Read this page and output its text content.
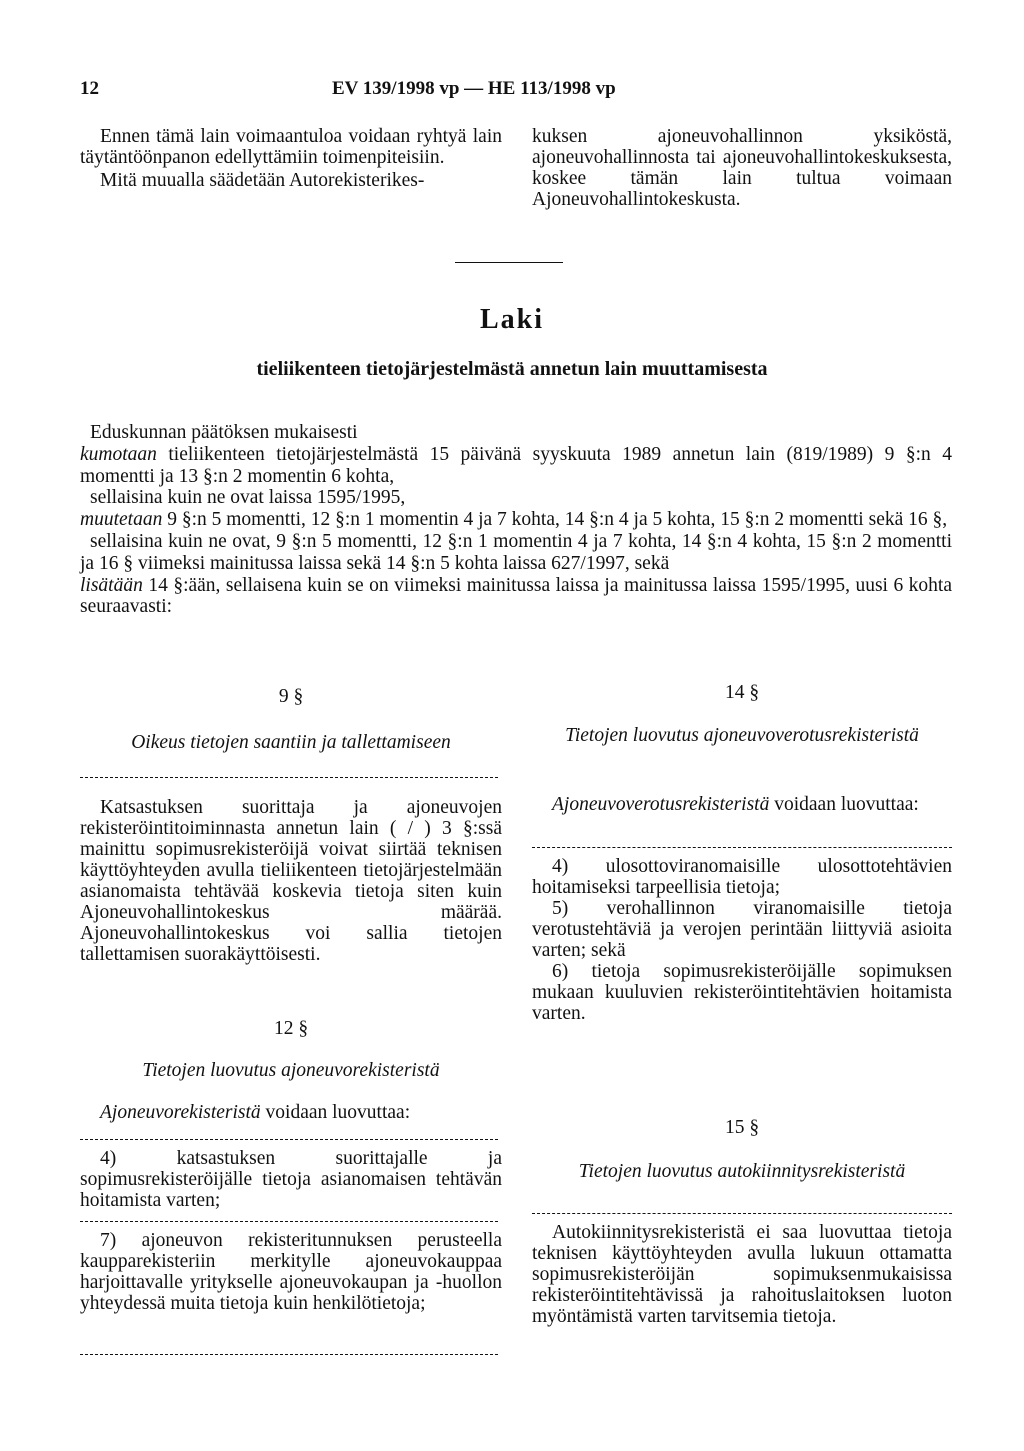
12	EV 139/1998 vp — HE 113/1998 vp

Ennen tämä lain voimaantuloa voidaan ryhtyä lain täytäntöönpanon edellyttämiin toimenpiteisiin.

Mitä muualla säädetään Autorekisterikes-

kuksen ajoneuvohallinnon yksiköstä, ajoneuvohallinnosta tai ajoneuvohallintokeskuksesta, koskee tämän lain tultua voimaan Ajoneuvohallintokeskusta.

Laki
tieliikenteen tietojärjestelmästä annetun lain muuttamisesta

Eduskunnan päätöksen mukaisesti

kumotaan tieliikenteen tietojärjestelmästä 15 päivänä syyskuuta 1989 annetun lain (819/1989) 9 §:n 4 momentti ja 13 §:n 2 momentin 6 kohta,

sellaisina kuin ne ovat laissa 1595/1995,

muutetaan 9 §:n 5 momentti, 12 §:n 1 momentin 4 ja 7 kohta, 14 §:n 4 ja 5 kohta, 15 §:n 2 momentti sekä 16 §,

sellaisina kuin ne ovat, 9 §:n 5 momentti, 12 §:n 1 momentin 4 ja 7 kohta, 14 §:n 4 kohta, 15 §:n 2 momentti ja 16 § viimeksi mainitussa laissa sekä 14 §:n 5 kohta laissa 627/1997, sekä

lisätään 14 §:ään, sellaisena kuin se on viimeksi mainitussa laissa ja mainitussa laissa 1595/1995, uusi 6 kohta seuraavasti:

9 §
Oikeus tietojen saantiin ja tallettamiseen

Katsastuksen suorittaja ja ajoneuvojen rekisteröintitoiminnasta annetun lain ( / ) 3 §:ssä mainittu sopimusrekisteröijä voivat siirtää teknisen käyttöyhteyden avulla tieliikenteen tietojärjestelmään asianomaista tehtävää koskevia tietoja siten kuin Ajoneuvohallintokeskus määrää. Ajoneuvohallintokeskus voi sallia tietojen tallettamisen suorakäyttöisesti.

12 §
Tietojen luovutus ajoneuvorekisteristä

Ajoneuvorekisteristä voidaan luovuttaa:

4) katsastuksen suorittajalle ja sopimusrekisteröijälle tietoja asianomaisen tehtävän hoitamista varten;

7) ajoneuvon rekisteritunnuksen perusteella kaupparekisteriin merkitylle ajoneuvokauppaa harjoittavalle yritykselle ajoneuvokaupan ja -huollon yhteydessä muita tietoja kuin henkilötietoja;

14 §
Tietojen luovutus ajoneuvoverotusrekisteristä

Ajoneuvoverotusrekisteristä voidaan luovuttaa:

4) ulosottoviranomaisille ulosottotehtävien hoitamiseksi tarpeellisia tietoja;

5) verohallinnon viranomaisille tietoja verotustehtäviä ja verojen perintään liittyviä asioita varten; sekä

6) tietoja sopimusrekisteröijälle sopimuksen mukaan kuuluvien rekisteröintitehtävien hoitamista varten.

15 §
Tietojen luovutus autokiinnitysrekisteristä

Autokiinnitysrekisteristä ei saa luovuttaa tietoja teknisen käyttöyhteyden avulla lukuun ottamatta sopimusrekisteröijän sopimuksenmukaisissa rekisteröintitehtävissä ja rahoituslaitoksen luoton myöntämistä varten tarvitsemia tietoja.
